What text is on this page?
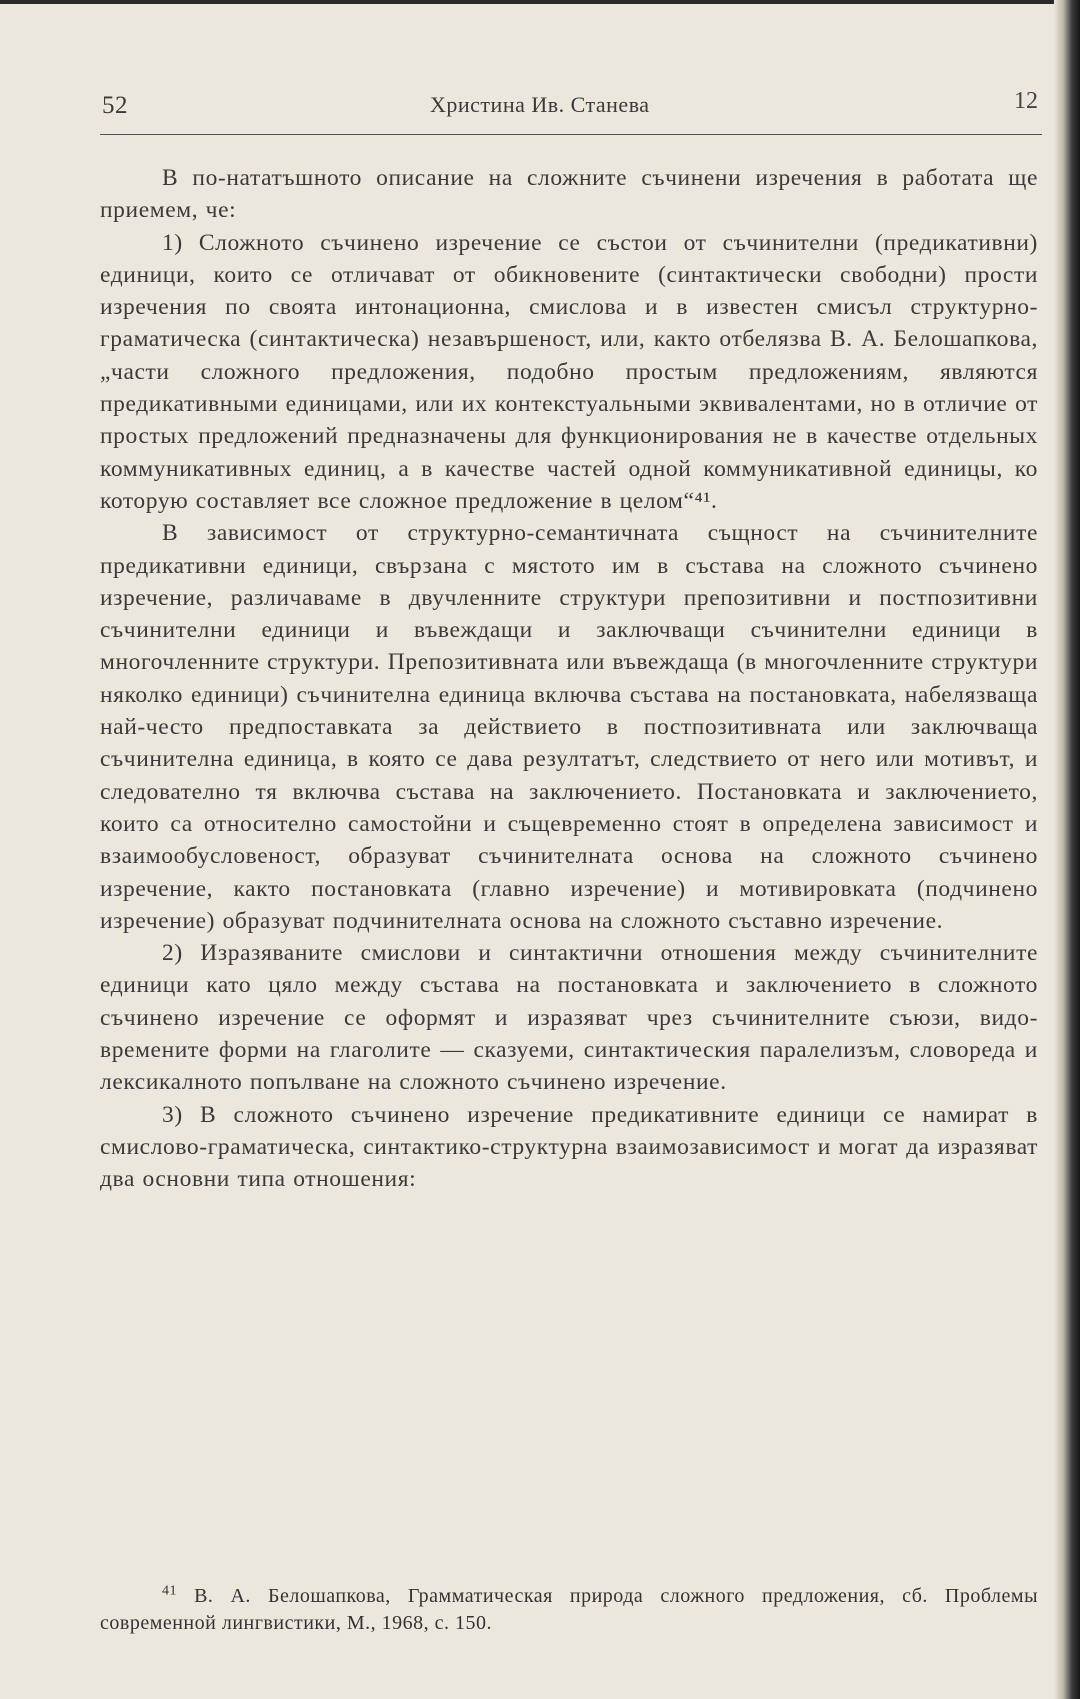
52	Христина Ив. Станева	12

В по-нататъшното описание на сложните съчинени изречения в работата ще приемем, че:

1) Сложното съчинено изречение се състои от съчинителни (предикативни) единици, които се отличават от обикновените (синтактически свободни) прости изречения по своята интонационна, смислова и в известен смисъл структурно-граматическа (синтактическа) незавършеност, или, както отбелязва В. А. Белошапкова, „части сложного предложения, подобно простым предложениям, являются предикативными единицами, или их контекстуальными эквивалентами, но в отличие от простых предложений предназначены для функционирования не в качестве отдельных коммуникативных единиц, а в качестве частей одной коммуникативной единицы, ко которую составляет все сложное предложение в целом“⁴¹.

В зависимост от структурно-семантичната същност на съчинителните предикативни единици, свързана с мястото им в състава на сложното съчинено изречение, различаваме в двучленните структури препозитивни и постпозитивни съчинителни единици и въвеждащи и заключващи съчинителни единици в многочленните структури. Препозитивната или въвеждаща (в многочленните структури няколко единици) съчинителна единица включва състава на постановката, набелязваща най-често предпоставката за действието в постпозитивната или заключваща съчинителна единица, в която се дава резултатът, следствието от него или мотивът, и следователно тя включва състава на заключението. Постановката и заключението, които са относително самостойни и същевременно стоят в определена зависимост и взаимообусловеност, образуват съчинителната основа на сложното съчинено изречение, както постановката (главно изречение) и мотивировката (подчинено изречение) образуват подчинителната основа на сложното съставно изречение.

2) Изразяваните смислови и синтактични отношения между съчинителните единици като цяло между състава на постановката и заключението в сложното съчинено изречение се оформят и изразяват чрез съчинителните съюзи, видо-времените форми на глаголите — сказуеми, синтактическия паралелизъм, словореда и лексикалното попълване на сложното съчинено изречение.

3) В сложното съчинено изречение предикативните единици се намират в смислово-граматическа, синтактико-структурна взаимозависимост и могат да изразяват два основни типа отношения:

$^{41}$ В. А. Белошапкова, Грамматическая природа сложного предложения, сб. Проблемы современной лингвистики, М., 1968, с. 150.
